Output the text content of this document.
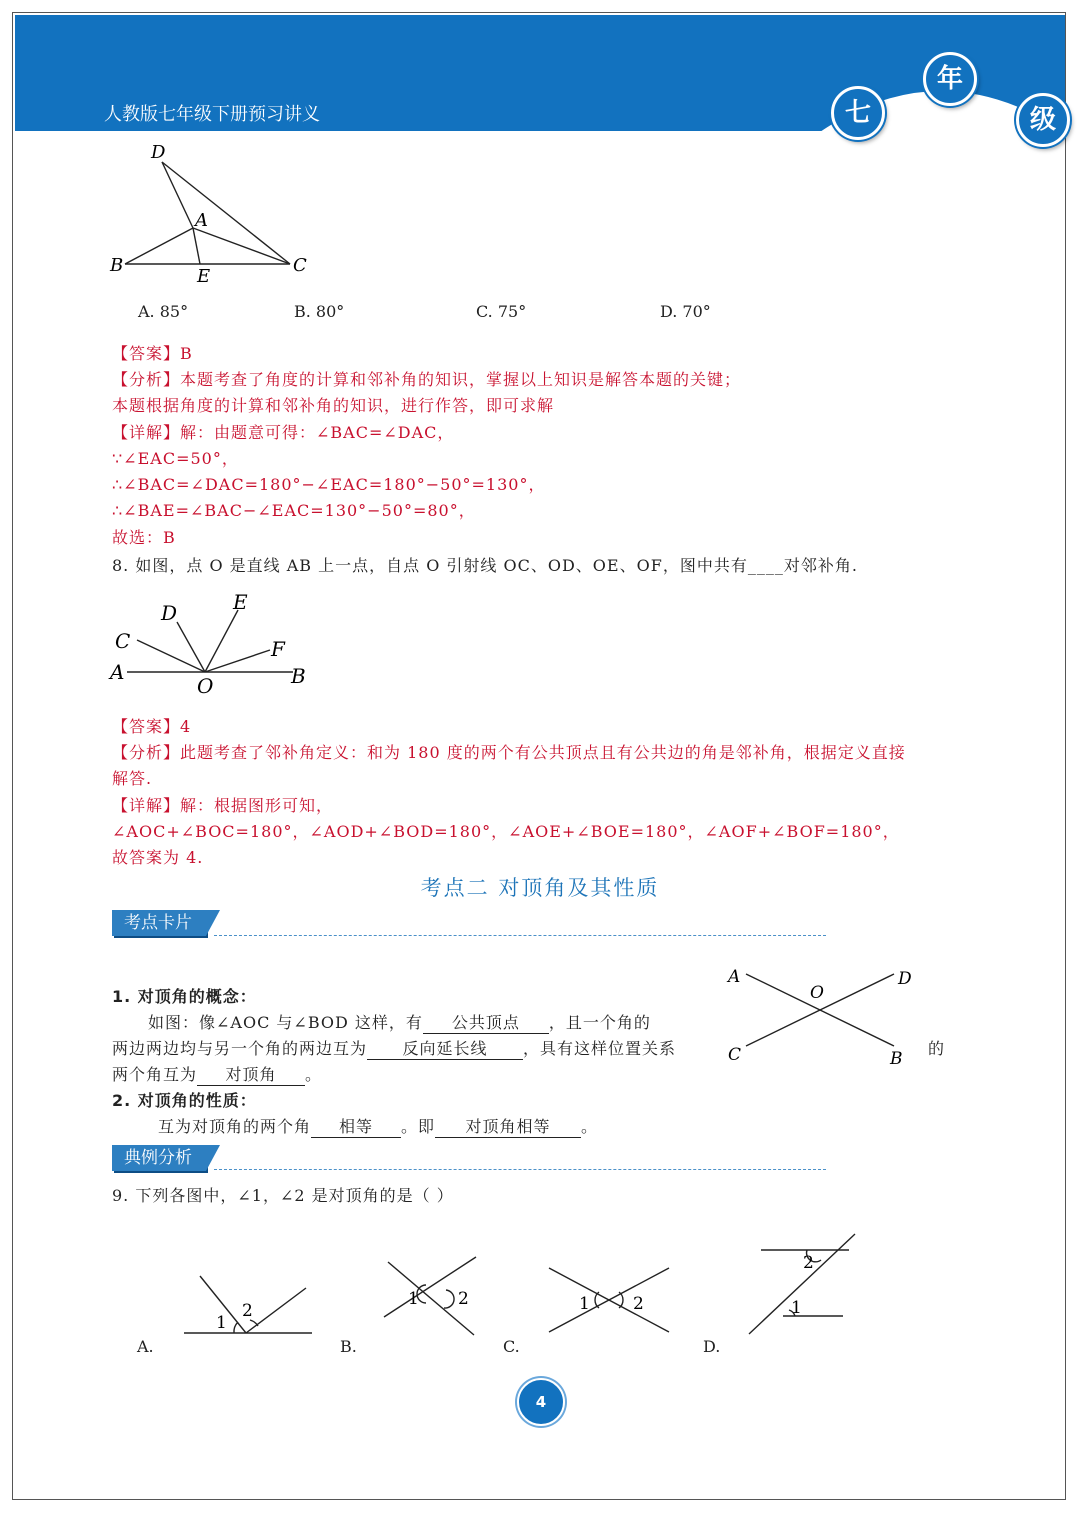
人教版七年级下册预习讲义	七
年
级
D
A
B
E
C
A. 85°	B. 80°	C. 75°	D. 70°
【答案】B
【分析】本题考查了角度的计算和邻补角的知识，掌握以上知识是解答本题的关键；
本题根据角度的计算和邻补角的知识，进行作答，即可求解
【详解】解：由题意可得：∠BAC=∠DAC，
∵∠EAC=50°，
∴∠BAC=∠DAC=180°−∠EAC=180°−50°=130°，
∴∠BAE=∠BAC−∠EAC=130°−50°=80°，
故选：B
8. 如图，点 O 是直线 AB 上一点，自点 O 引射线 OC、OD、OE、OF，图中共有____对邻补角.
D	E
C	F
A
O	B
【答案】4
【分析】此题考查了邻补角定义：和为 180 度的两个有公共顶点且有公共边的角是邻补角，根据定义直接
解答.
【详解】解：根据图形可知，
∠AOC+∠BOC=180°，∠AOD+∠BOD=180°，∠AOE+∠BOE=180°，∠AOF+∠BOF=180°，
故答案为 4.
考点二 对顶角及其性质
考点卡片
1. 对顶角的概念：
如图：像∠AOC 与∠BOD 这样，有 公共顶点 ，且一个角的
两边两边均与另一个角的两边互为 反向延长线 ，具有这样位置关系	的
两个角互为 对顶角 。
2. 对顶角的性质：
互为对顶角的两个角 相等 。即 对顶角相等 。
A
O
D
C	B
典例分析
9. 下列各图中，∠1，∠2 是对顶角的是（ ）
1
2
1 2	1	2
2
1
A.	B.	C.	D.
4
